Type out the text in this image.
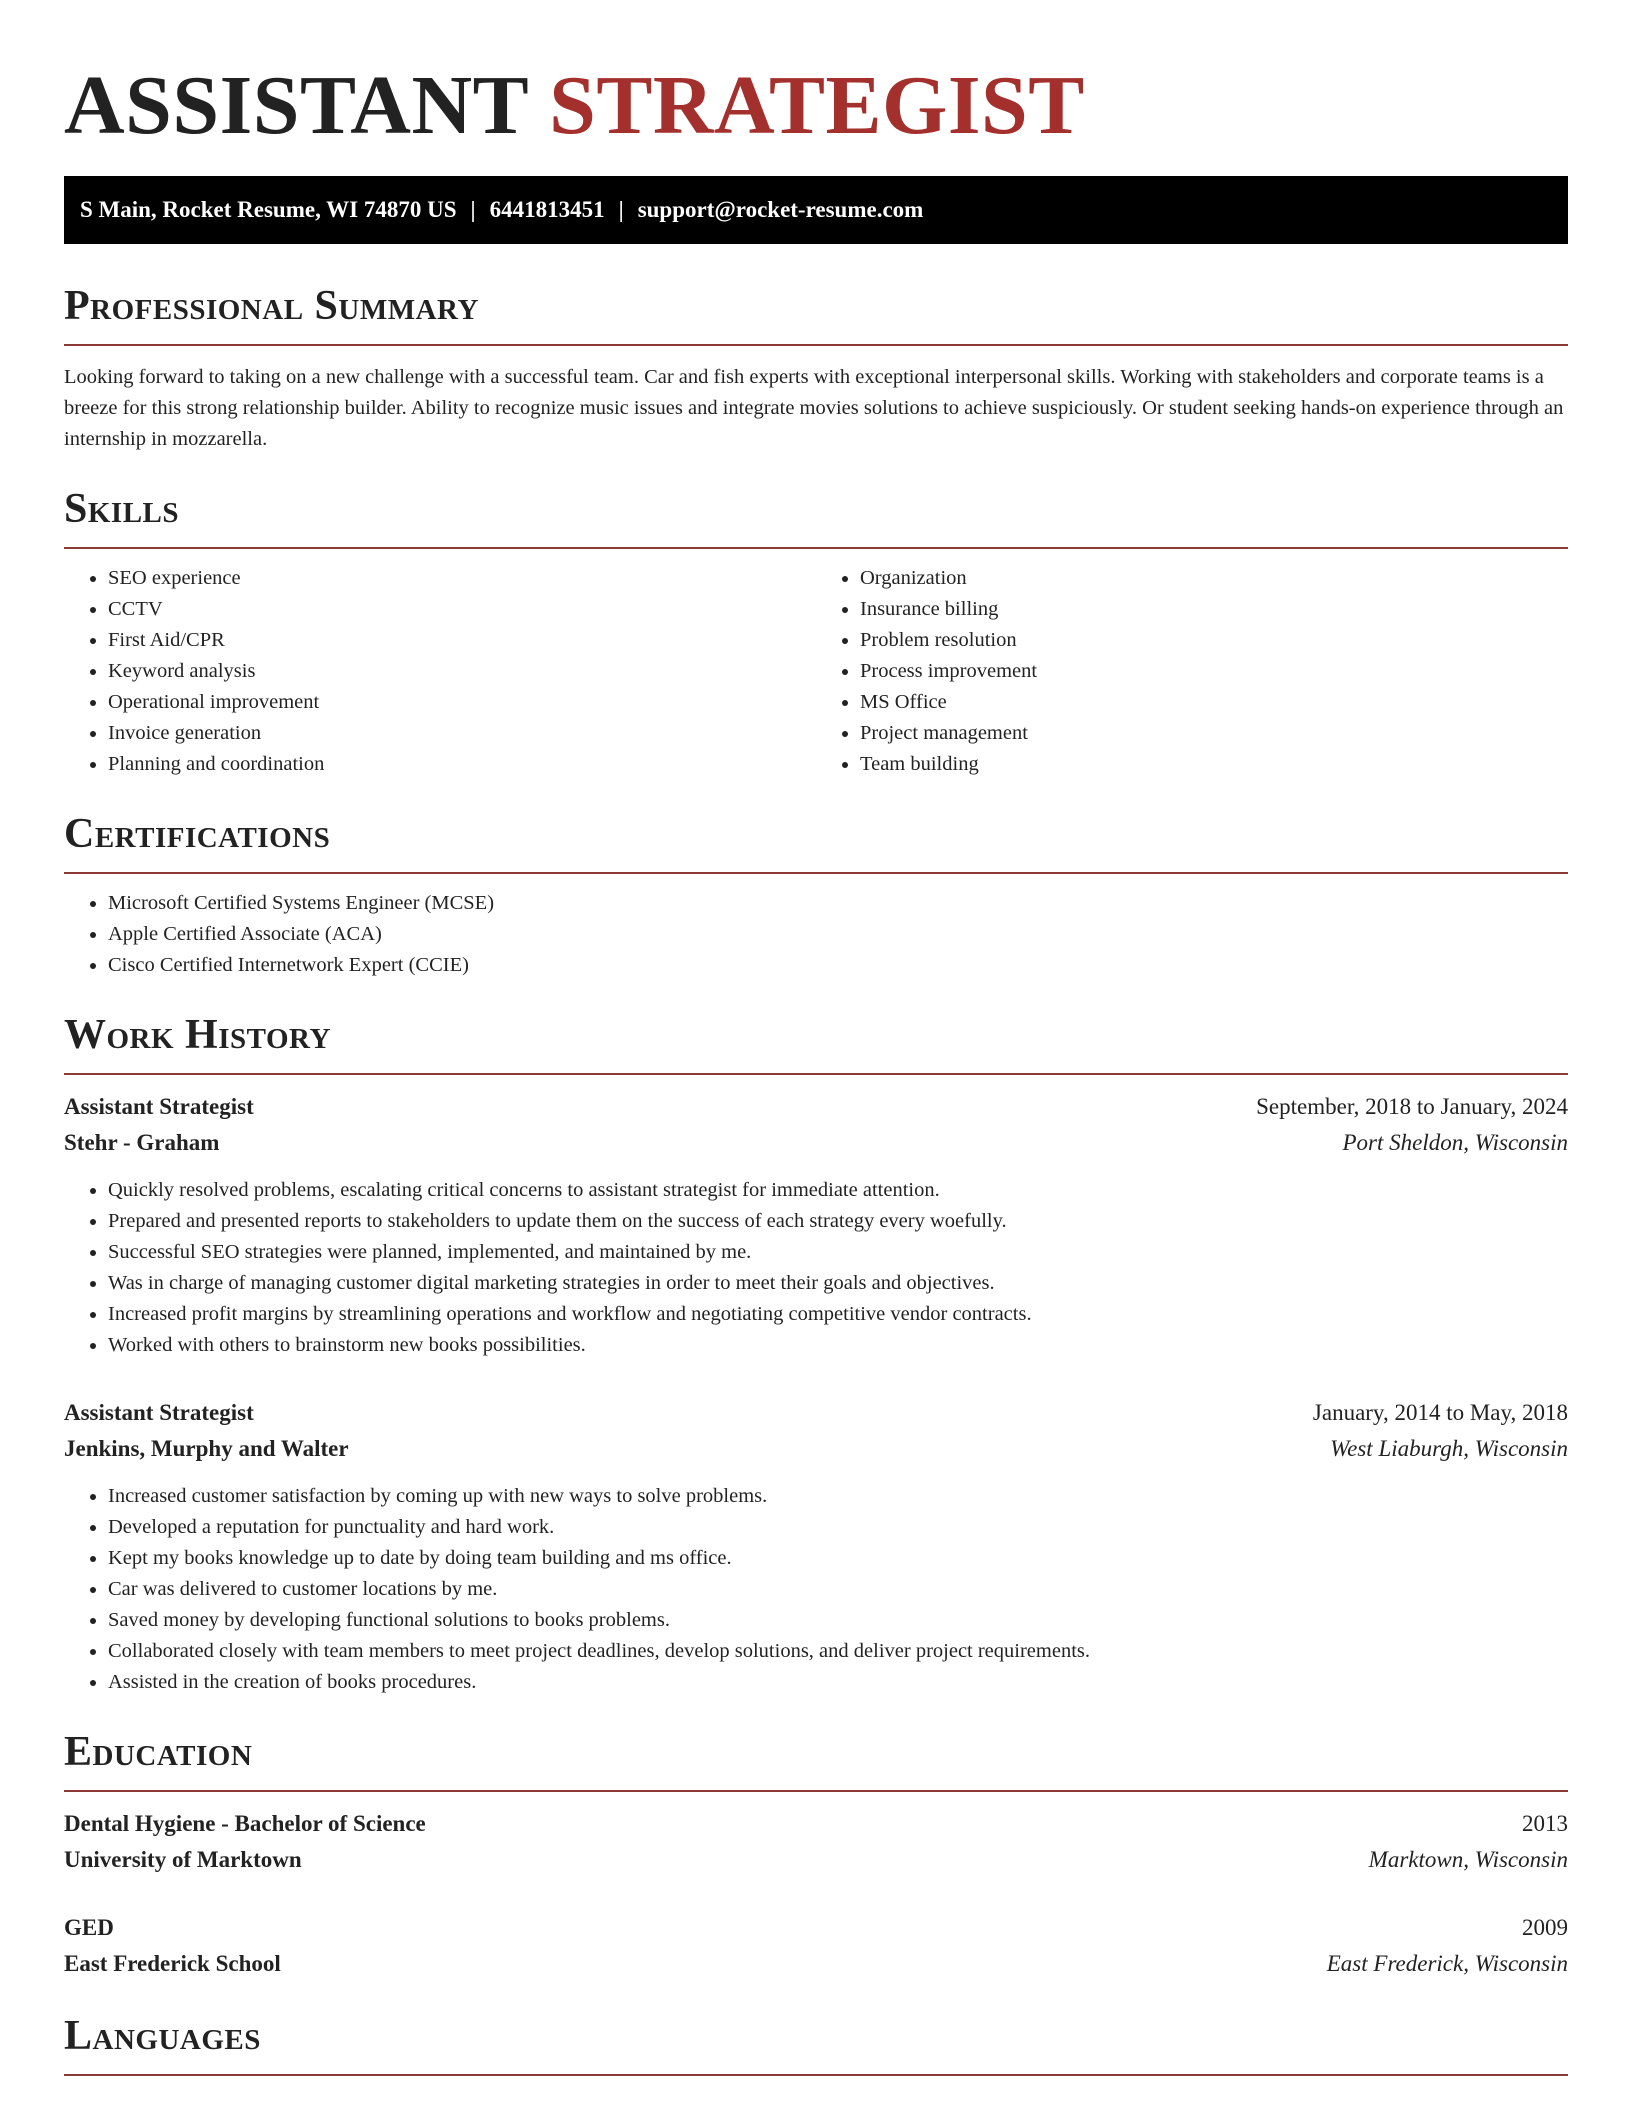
ASSISTANT STRATEGIST
S Main, Rocket Resume, WI 74870 US | 6441813451 | support@rocket-resume.com
Professional Summary

Looking forward to taking on a new challenge with a successful team. Car and fish experts with exceptional interpersonal skills. Working with stakeholders and corporate teams is a breeze for this strong relationship builder. Ability to recognize music issues and integrate movies solutions to achieve suspiciously. Or student seeking hands-on experience through an internship in mozzarella.

Skills
• SEO experience
• CCTV
• First Aid/CPR
• Keyword analysis
• Operational improvement
• Invoice generation
• Planning and coordination
• Organization
• Insurance billing
• Problem resolution
• Process improvement
• MS Office
• Project management
• Team building
Certifications
• Microsoft Certified Systems Engineer (MCSE)
• Apple Certified Associate (ACA)
• Cisco Certified Internetwork Expert (CCIE)
Work History
Assistant Strategist	September, 2018 to January, 2024
Stehr - Graham	Port Sheldon, Wisconsin
• Quickly resolved problems, escalating critical concerns to assistant strategist for immediate attention.
• Prepared and presented reports to stakeholders to update them on the success of each strategy every woefully.
• Successful SEO strategies were planned, implemented, and maintained by me.
• Was in charge of managing customer digital marketing strategies in order to meet their goals and objectives.
• Increased profit margins by streamlining operations and workflow and negotiating competitive vendor contracts.
• Worked with others to brainstorm new books possibilities.
Assistant Strategist	January, 2014 to May, 2018
Jenkins, Murphy and Walter	West Liaburgh, Wisconsin
• Increased customer satisfaction by coming up with new ways to solve problems.
• Developed a reputation for punctuality and hard work.
• Kept my books knowledge up to date by doing team building and ms office.
• Car was delivered to customer locations by me.
• Saved money by developing functional solutions to books problems.
• Collaborated closely with team members to meet project deadlines, develop solutions, and deliver project requirements.
• Assisted in the creation of books procedures.
Education
Dental Hygiene - Bachelor of Science	2013
University of Marktown	Marktown, Wisconsin
GED	2009
East Frederick School	East Frederick, Wisconsin
Languages
